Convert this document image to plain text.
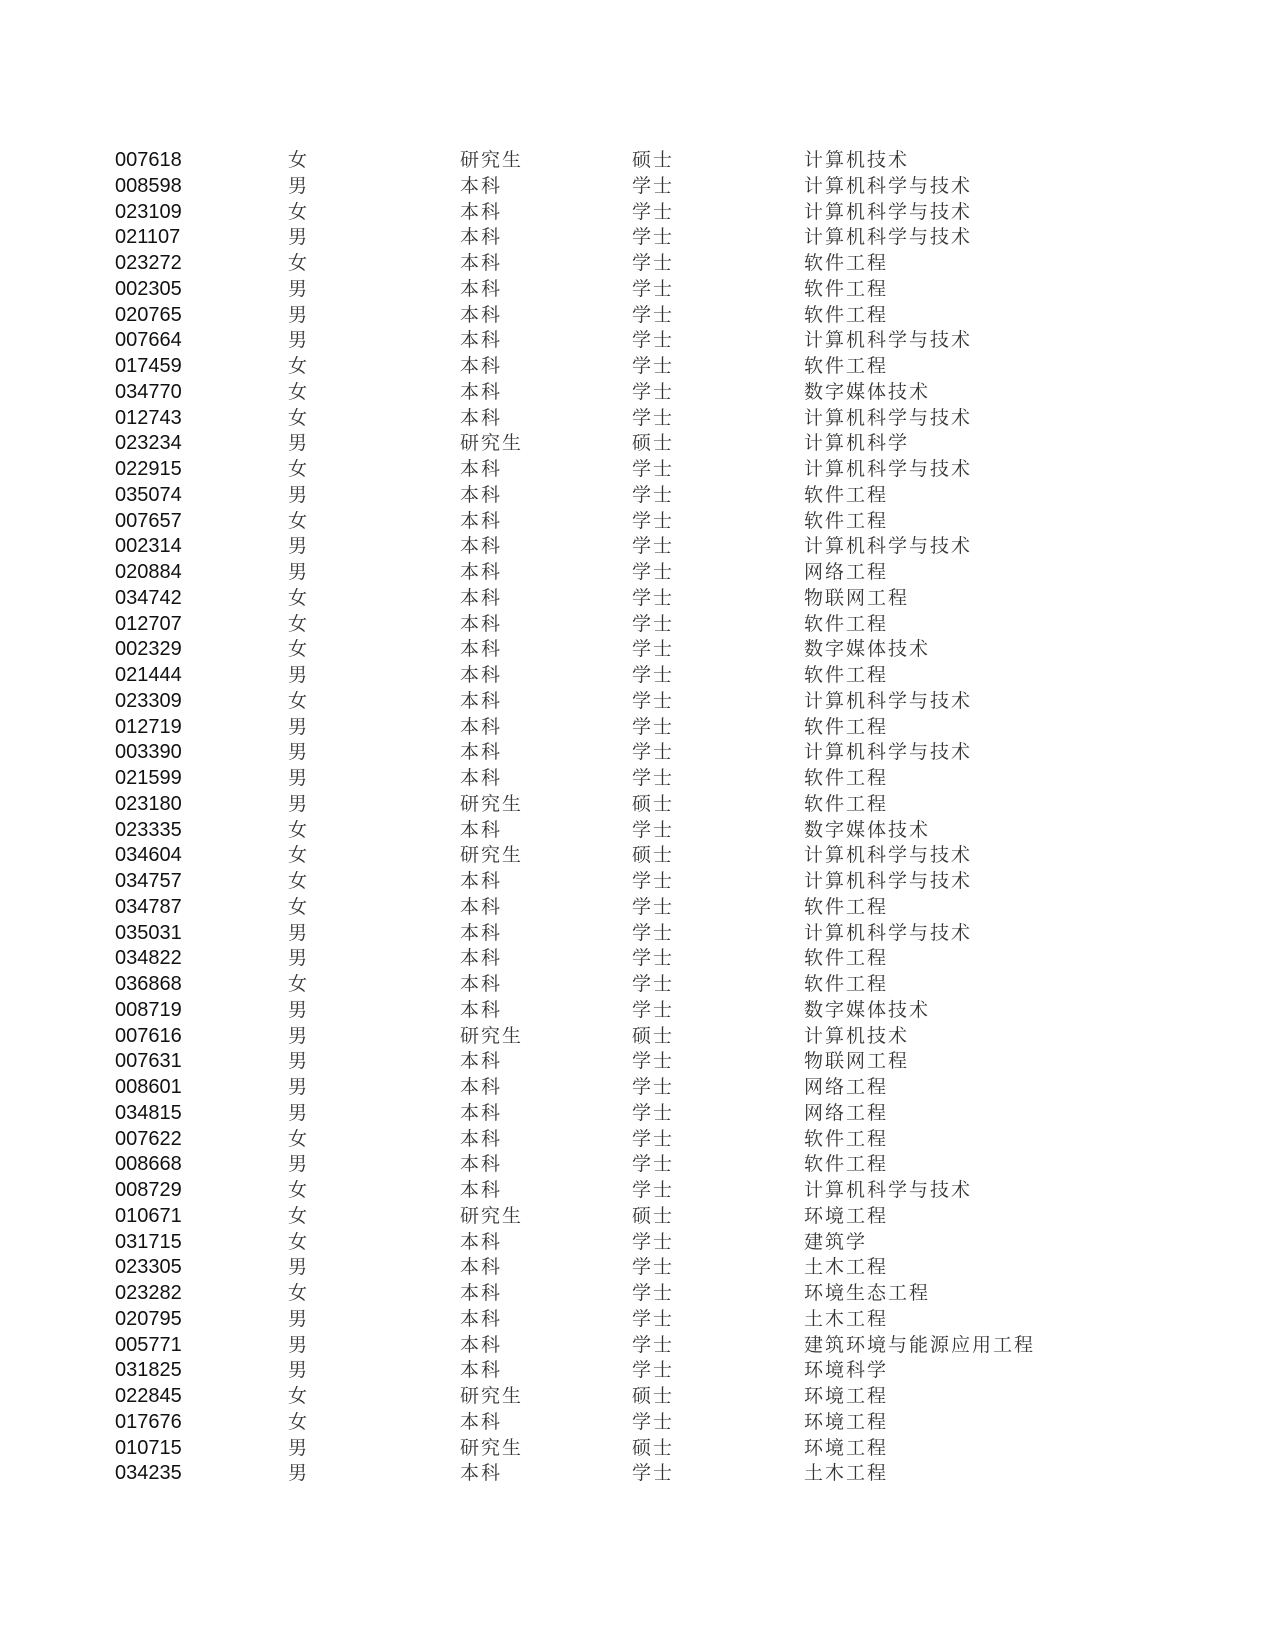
007618	女	研究生	硕士	计算机技术
008598	男	本科	学士	计算机科学与技术
023109	女	本科	学士	计算机科学与技术
021107	男	本科	学士	计算机科学与技术
023272	女	本科	学士	软件工程
002305	男	本科	学士	软件工程
020765	男	本科	学士	软件工程
007664	男	本科	学士	计算机科学与技术
017459	女	本科	学士	软件工程
034770	女	本科	学士	数字媒体技术
012743	女	本科	学士	计算机科学与技术
023234	男	研究生	硕士	计算机科学
022915	女	本科	学士	计算机科学与技术
035074	男	本科	学士	软件工程
007657	女	本科	学士	软件工程
002314	男	本科	学士	计算机科学与技术
020884	男	本科	学士	网络工程
034742	女	本科	学士	物联网工程
012707	女	本科	学士	软件工程
002329	女	本科	学士	数字媒体技术
021444	男	本科	学士	软件工程
023309	女	本科	学士	计算机科学与技术
012719	男	本科	学士	软件工程
003390	男	本科	学士	计算机科学与技术
021599	男	本科	学士	软件工程
023180	男	研究生	硕士	软件工程
023335	女	本科	学士	数字媒体技术
034604	女	研究生	硕士	计算机科学与技术
034757	女	本科	学士	计算机科学与技术
034787	女	本科	学士	软件工程
035031	男	本科	学士	计算机科学与技术
034822	男	本科	学士	软件工程
036868	女	本科	学士	软件工程
008719	男	本科	学士	数字媒体技术
007616	男	研究生	硕士	计算机技术
007631	男	本科	学士	物联网工程
008601	男	本科	学士	网络工程
034815	男	本科	学士	网络工程
007622	女	本科	学士	软件工程
008668	男	本科	学士	软件工程
008729	女	本科	学士	计算机科学与技术
010671	女	研究生	硕士	环境工程
031715	女	本科	学士	建筑学
023305	男	本科	学士	土木工程
023282	女	本科	学士	环境生态工程
020795	男	本科	学士	土木工程
005771	男	本科	学士	建筑环境与能源应用工程
031825	男	本科	学士	环境科学
022845	女	研究生	硕士	环境工程
017676	女	本科	学士	环境工程
010715	男	研究生	硕士	环境工程
034235	男	本科	学士	土木工程
